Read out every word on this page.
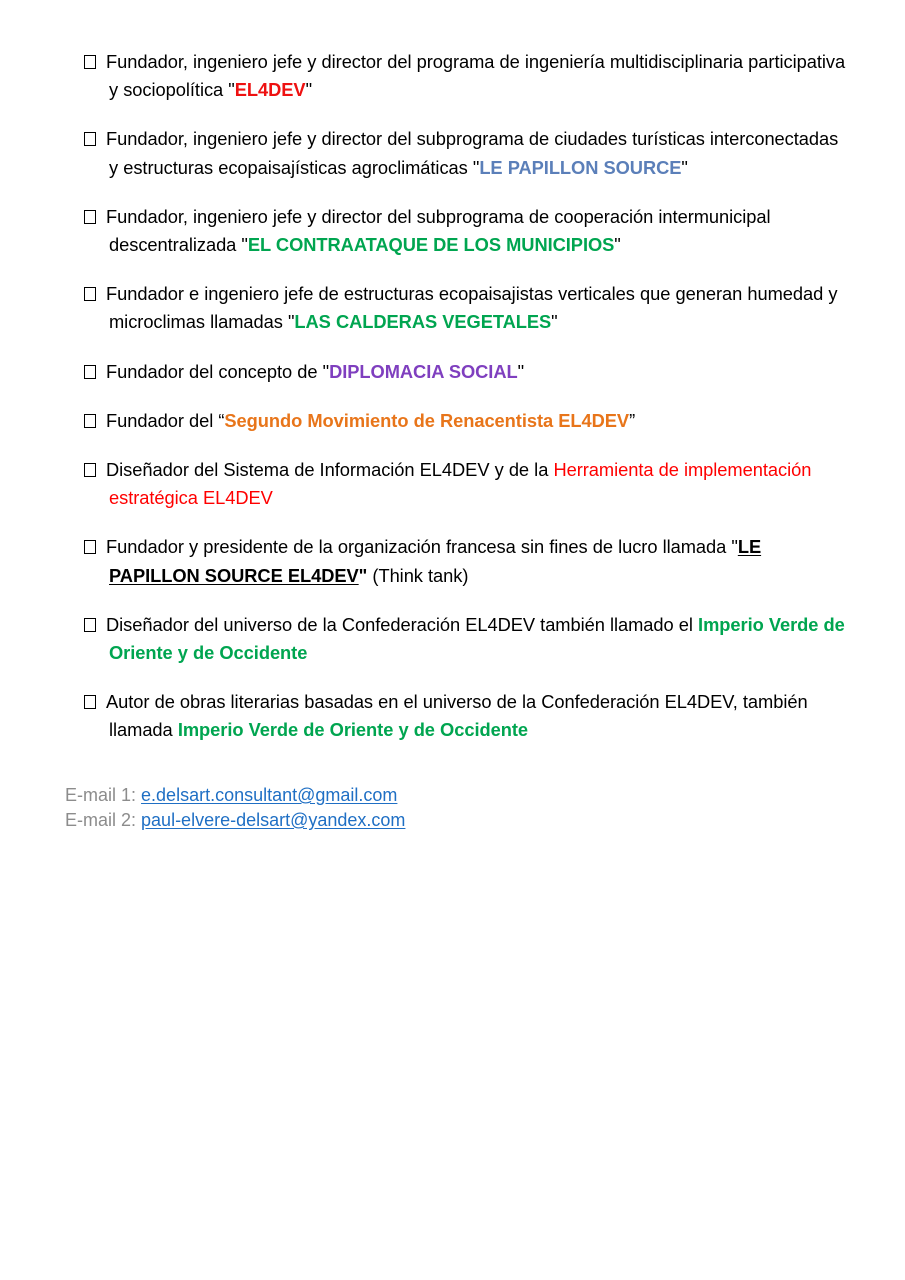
Fundador, ingeniero jefe y director del programa de ingeniería multidisciplinaria participativa y sociopolítica "EL4DEV"
Fundador, ingeniero jefe y director del subprograma de ciudades turísticas interconectadas y estructuras ecopaisajísticas agroclimáticas "LE PAPILLON SOURCE"
Fundador, ingeniero jefe y director del subprograma de cooperación intermunicipal descentralizada "EL CONTRAATAQUE DE LOS MUNICIPIOS"
Fundador e ingeniero jefe de estructuras ecopaisajistas verticales que generan humedad y microclimas llamadas "LAS CALDERAS VEGETALES"
Fundador del concepto de "DIPLOMACIA SOCIAL"
Fundador del “Segundo Movimiento de Renacentista EL4DEV”
Diseñador del Sistema de Información EL4DEV y de la Herramienta de implementación estratégica EL4DEV
Fundador y presidente de la organización francesa sin fines de lucro llamada "LE PAPILLON SOURCE EL4DEV" (Think tank)
Diseñador del universo de la Confederación EL4DEV también llamado el Imperio Verde de Oriente y de Occidente
Autor de obras literarias basadas en el universo de la Confederación EL4DEV, también llamada Imperio Verde de Oriente y de Occidente
E-mail 1: e.delsart.consultant@gmail.com
E-mail 2: paul-elvere-delsart@yandex.com
